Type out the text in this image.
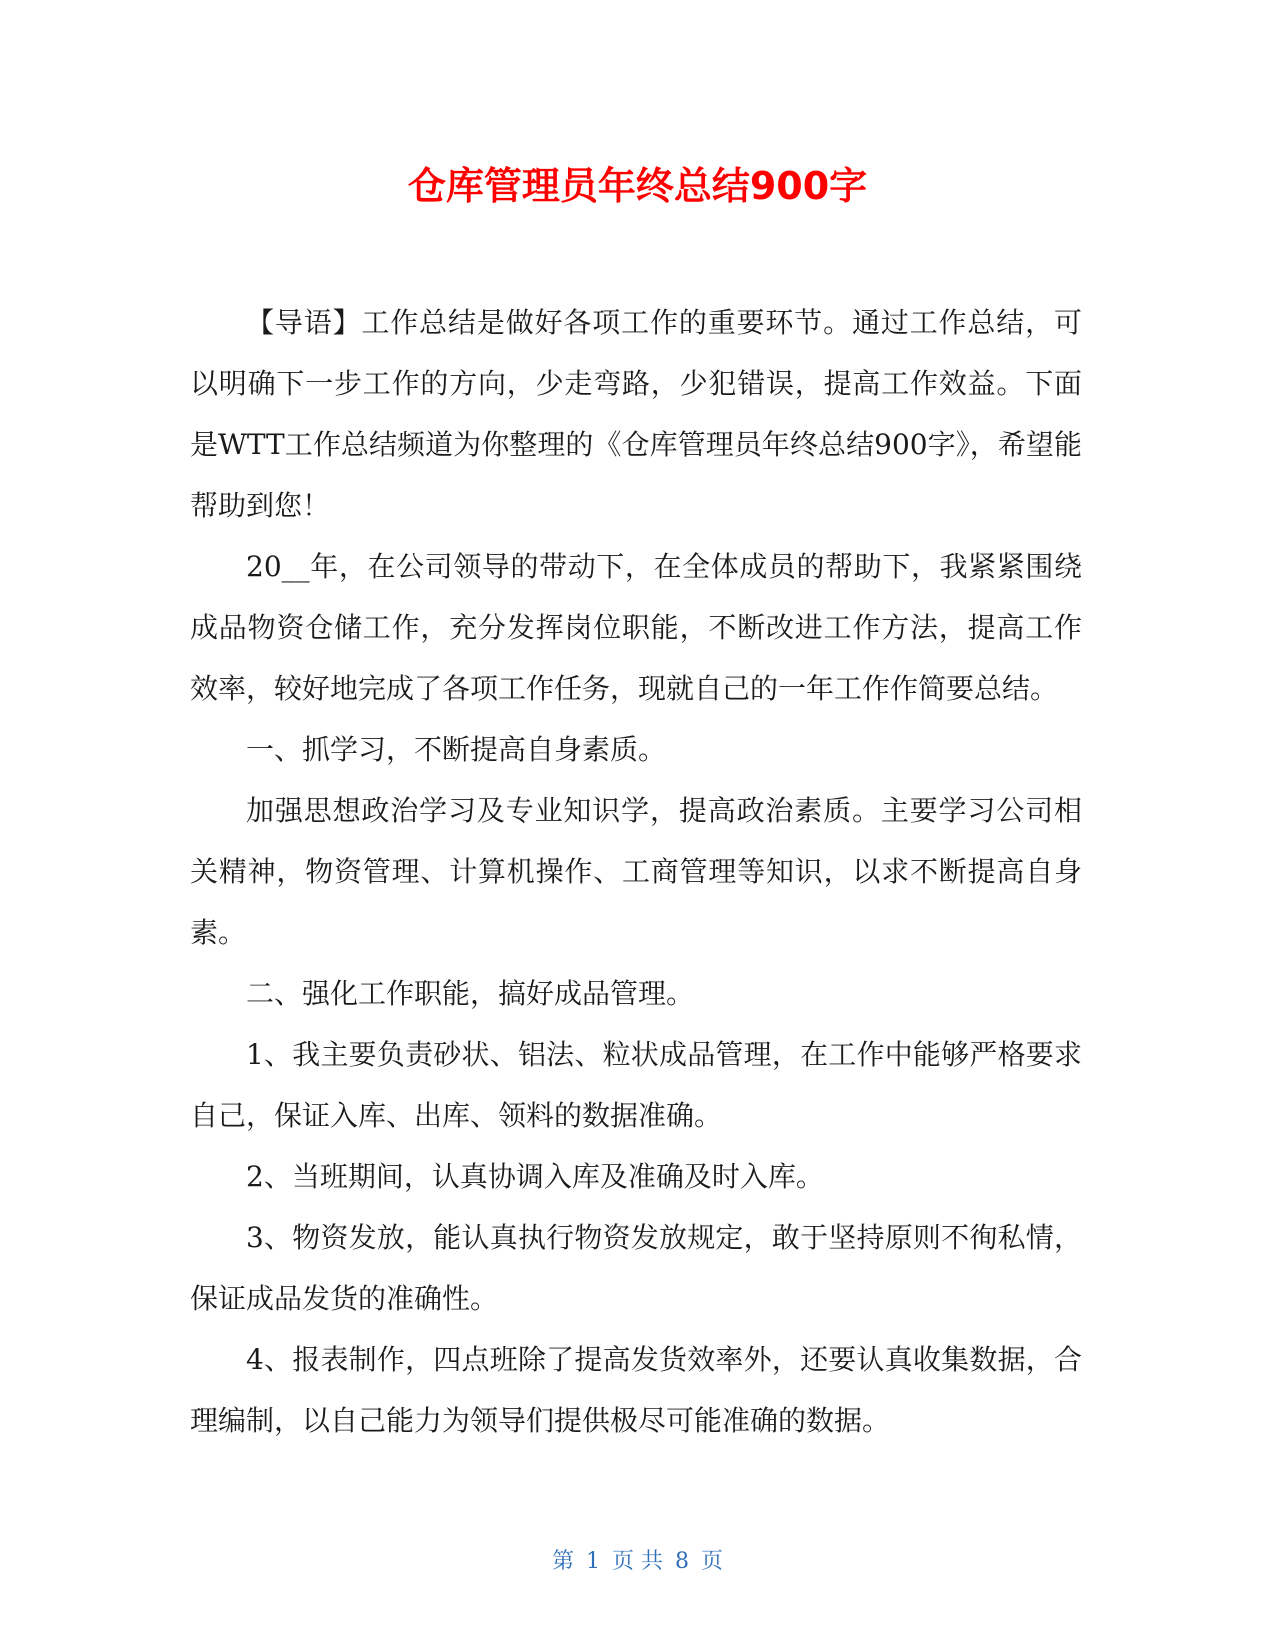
仓库管理员年终总结900字

【导语】工作总结是做好各项工作的重要环节。通过工作总结，可以明确下一步工作的方向，少走弯路，少犯错误，提高工作效益。下面是WTT工作总结频道为你整理的《仓库管理员年终总结900字》，希望能帮助到您！

20__年，在公司领导的带动下，在全体成员的帮助下，我紧紧围绕成品物资仓储工作，充分发挥岗位职能，不断改进工作方法，提高工作效率，较好地完成了各项工作任务，现就自己的一年工作作简要总结。

一、抓学习，不断提高自身素质。

加强思想政治学习及专业知识学，提高政治素质。主要学习公司相关精神，物资管理、计算机操作、工商管理等知识，以求不断提高自身素。

二、强化工作职能，搞好成品管理。

1、我主要负责砂状、铝法、粒状成品管理，在工作中能够严格要求自己，保证入库、出库、领料的数据准确。

2、当班期间，认真协调入库及准确及时入库。

3、物资发放，能认真执行物资发放规定，敢于坚持原则不徇私情，保证成品发货的准确性。

4、报表制作，四点班除了提高发货效率外，还要认真收集数据，合理编制，以自己能力为领导们提供极尽可能准确的数据。

第 1 页 共 8 页
